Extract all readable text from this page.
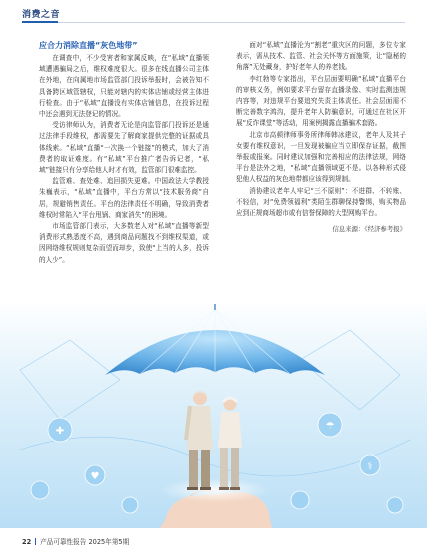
消费之音
应合力消除直播“灰色地带”

在调查中，不少受害者和家属反映，在“私域”直播领域遭遇骗局之后，维权难度很大。很多在线直播公司主体在外地，在向属地市场监管部门投诉举报时，会被告知不具备跨区域管辖权，只能对辖内的实体店铺或经营主体进行检查。由于“私域”直播没有实体店铺信息，在投诉过程中还会遇到无法登记的情况。

受访律师认为，消费者无论是向监管部门投诉还是通过法律手段维权，都需要先了解商家提供完整的证据或具体线索。“私域”直播“一次换一个链接”的模式，加大了消费者的取证难度。有“私域”平台推广者告诉记者，“私域”链接只有分享给他人时才有效，监管部门很难监控。

监管难、查处难、追回损失更难。中国政法大学教授朱巍表示，“私域”直播中，平台方常以“技术服务商”自居，规避销售责任。平台的法律责任不明确，导致消费者维权时常陷入“平台甩锅、商家消失”的困境。

市场监管部门表示，大多数老人对“私域”直播等新型消费形式熟悉度不高，遇到商品问题找不到维权渠道，或因网络维权规则复杂而望而却步，致使“上当的人多，投诉的人少”。

面对“私域”直播沦为“割老”重灾区的问题，多位专家表示，需从技术、监管、社会关怀等方面施策，让“隐秘的角落”无处藏身，护好老年人的养老钱。

李红勃等专家指出，平台层面要明确“私域”直播平台的审核义务，例如要求平台留存直播录像、实时监测违规内容等，对违规平台要追究失责主体责任。社会层面需不断完善数字鸿沟，提升老年人防骗意识，可通过在社区开展“反诈课堂”等活动，用案例揭露直播骗术套路。

北京市高顿律师事务所律师韩冰建议，老年人及其子女要有维权意识，一旦发现被骗应当立即保存证据，截图举报或报案。同时建议加强和完善相应的法律法规，网络平台是法外之地，“私域”直播领域更不是。以各种形式侵犯他人权益的灰色地带都应该得到规制。

消协建议老年人牢记“三不原则”：不进群、不转账、不轻信，对“免费领福利”类陌生群聊保持警惕，购买物品应到正规商场超市或有信誉保障的大型网购平台。

信息来源：《经济参考报》

✚
♥
☂
⚕
22 产品可靠性报告 2025年第5期
